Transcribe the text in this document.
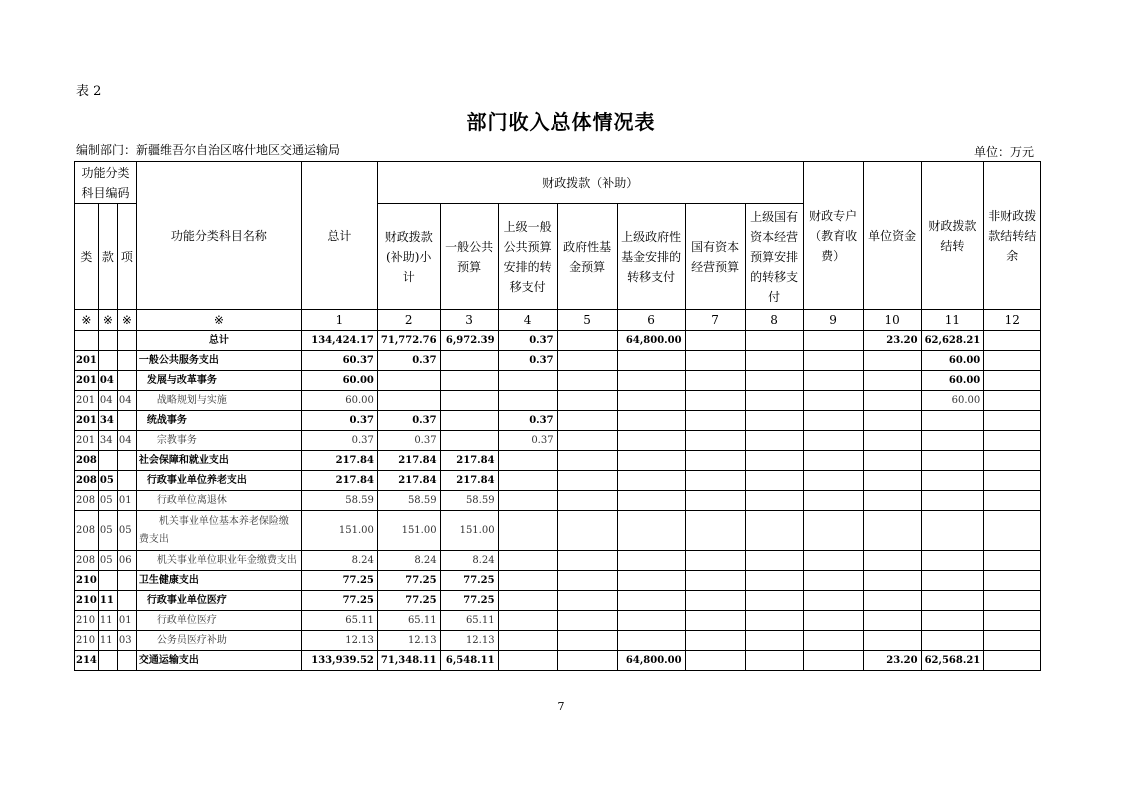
表 2
部门收入总体情况表
编制部门：新疆维吾尔自治区喀什地区交通运输局	单位：万元
功能分类科目编码			功能分类科目名称	总计	财政拨款（补助）							财政专户（教育收费）	单位资金	财政拨款结转	非财政拨款结转结余
类	款	项			财政拨款(补助)小计	一般公共预算	上级一般公共预算安排的转移支付	政府性基金预算	上级政府性基金安排的转移支付	国有资本经营预算	上级国有资本经营预算安排的转移支付				
※	※	※	※	1	2	3	4	5	6	7	8	9	10	11	12
			总计	134,424.17	71,772.76	6,972.39	0.37		64,800.00				23.20	62,628.21	
201			一般公共服务支出	60.37	0.37		0.37							60.00	
201	04		发展与改革事务	60.00										60.00	
201	04	04	战略规划与实施	60.00										60.00	
201	34		统战事务	0.37	0.37		0.37								
201	34	04	宗教事务	0.37	0.37		0.37								
208			社会保障和就业支出	217.84	217.84	217.84									
208	05		行政事业单位养老支出	217.84	217.84	217.84									
208	05	01	行政单位离退休	58.59	58.59	58.59									
208	05	05	机关事业单位基本养老保险缴费支出	151.00	151.00	151.00									
208	05	06	机关事业单位职业年金缴费支出	8.24	8.24	8.24									
210			卫生健康支出	77.25	77.25	77.25									
210	11		行政事业单位医疗	77.25	77.25	77.25									
210	11	01	行政单位医疗	65.11	65.11	65.11									
210	11	03	公务员医疗补助	12.13	12.13	12.13									
214			交通运输支出	133,939.52	71,348.11	6,548.11			64,800.00				23.20	62,568.21	
7
